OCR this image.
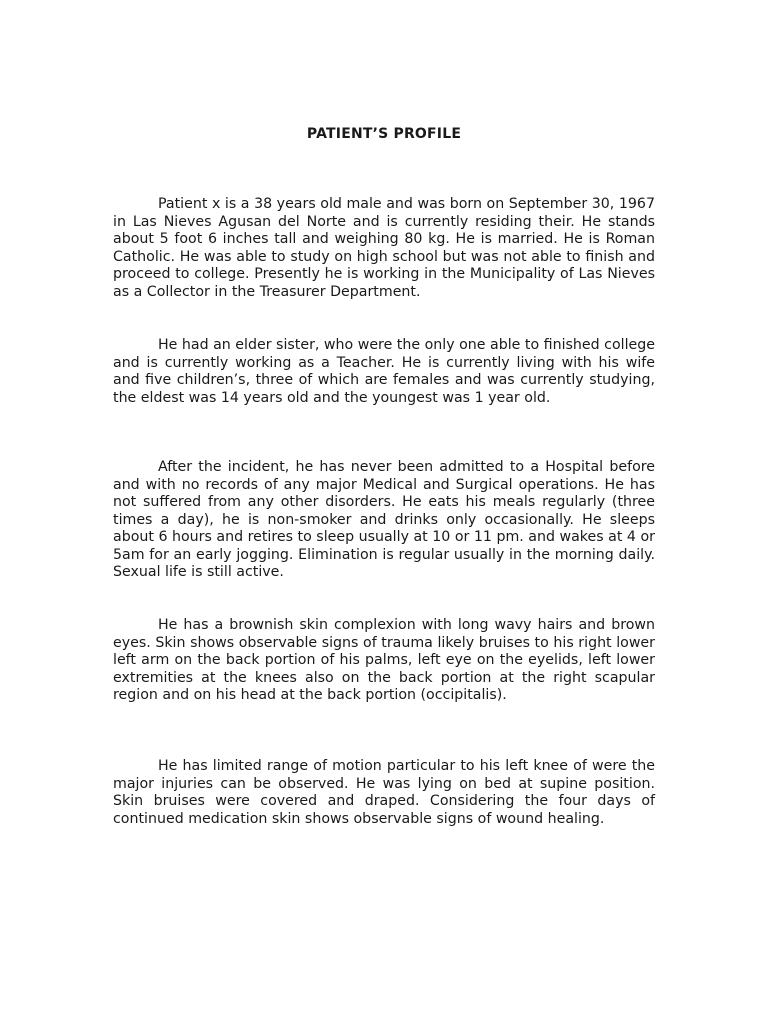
PATIENT’S PROFILE

Patient x is a 38 years old male and was born on September 30, 1967 in Las Nieves Agusan del Norte and is currently residing their. He stands about 5 foot 6 inches tall and weighing 80 kg. He is married. He is Roman Catholic. He was able to study on high school but was not able to finish and proceed to college. Presently he is working in the Municipality of Las Nieves as a Collector in the Treasurer Department.

He had an elder sister, who were the only one able to finished college and is currently working as a Teacher. He is currently living with his wife and five children’s, three of which are females and was currently studying, the eldest was 14 years old and the youngest was 1 year old.

After the incident, he has never been admitted to a Hospital before and with no records of any major Medical and Surgical operations. He has not suffered from any other disorders. He eats his meals regularly (three times a day), he is non-smoker and drinks only occasionally. He sleeps about 6 hours and retires to sleep usually at 10 or 11 pm. and wakes at 4 or 5am for an early jogging. Elimination is regular usually in the morning daily. Sexual life is still active.

He has a brownish skin complexion with long wavy hairs and brown eyes. Skin shows observable signs of trauma likely bruises to his right lower left arm on the back portion of his palms, left eye on the eyelids, left lower extremities at the knees also on the back portion at the right scapular region and on his head at the back portion (occipitalis).

He has limited range of motion particular to his left knee of were the major injuries can be observed. He was lying on bed at supine position. Skin bruises were covered and draped. Considering the four days of continued medication skin shows observable signs of wound healing.
